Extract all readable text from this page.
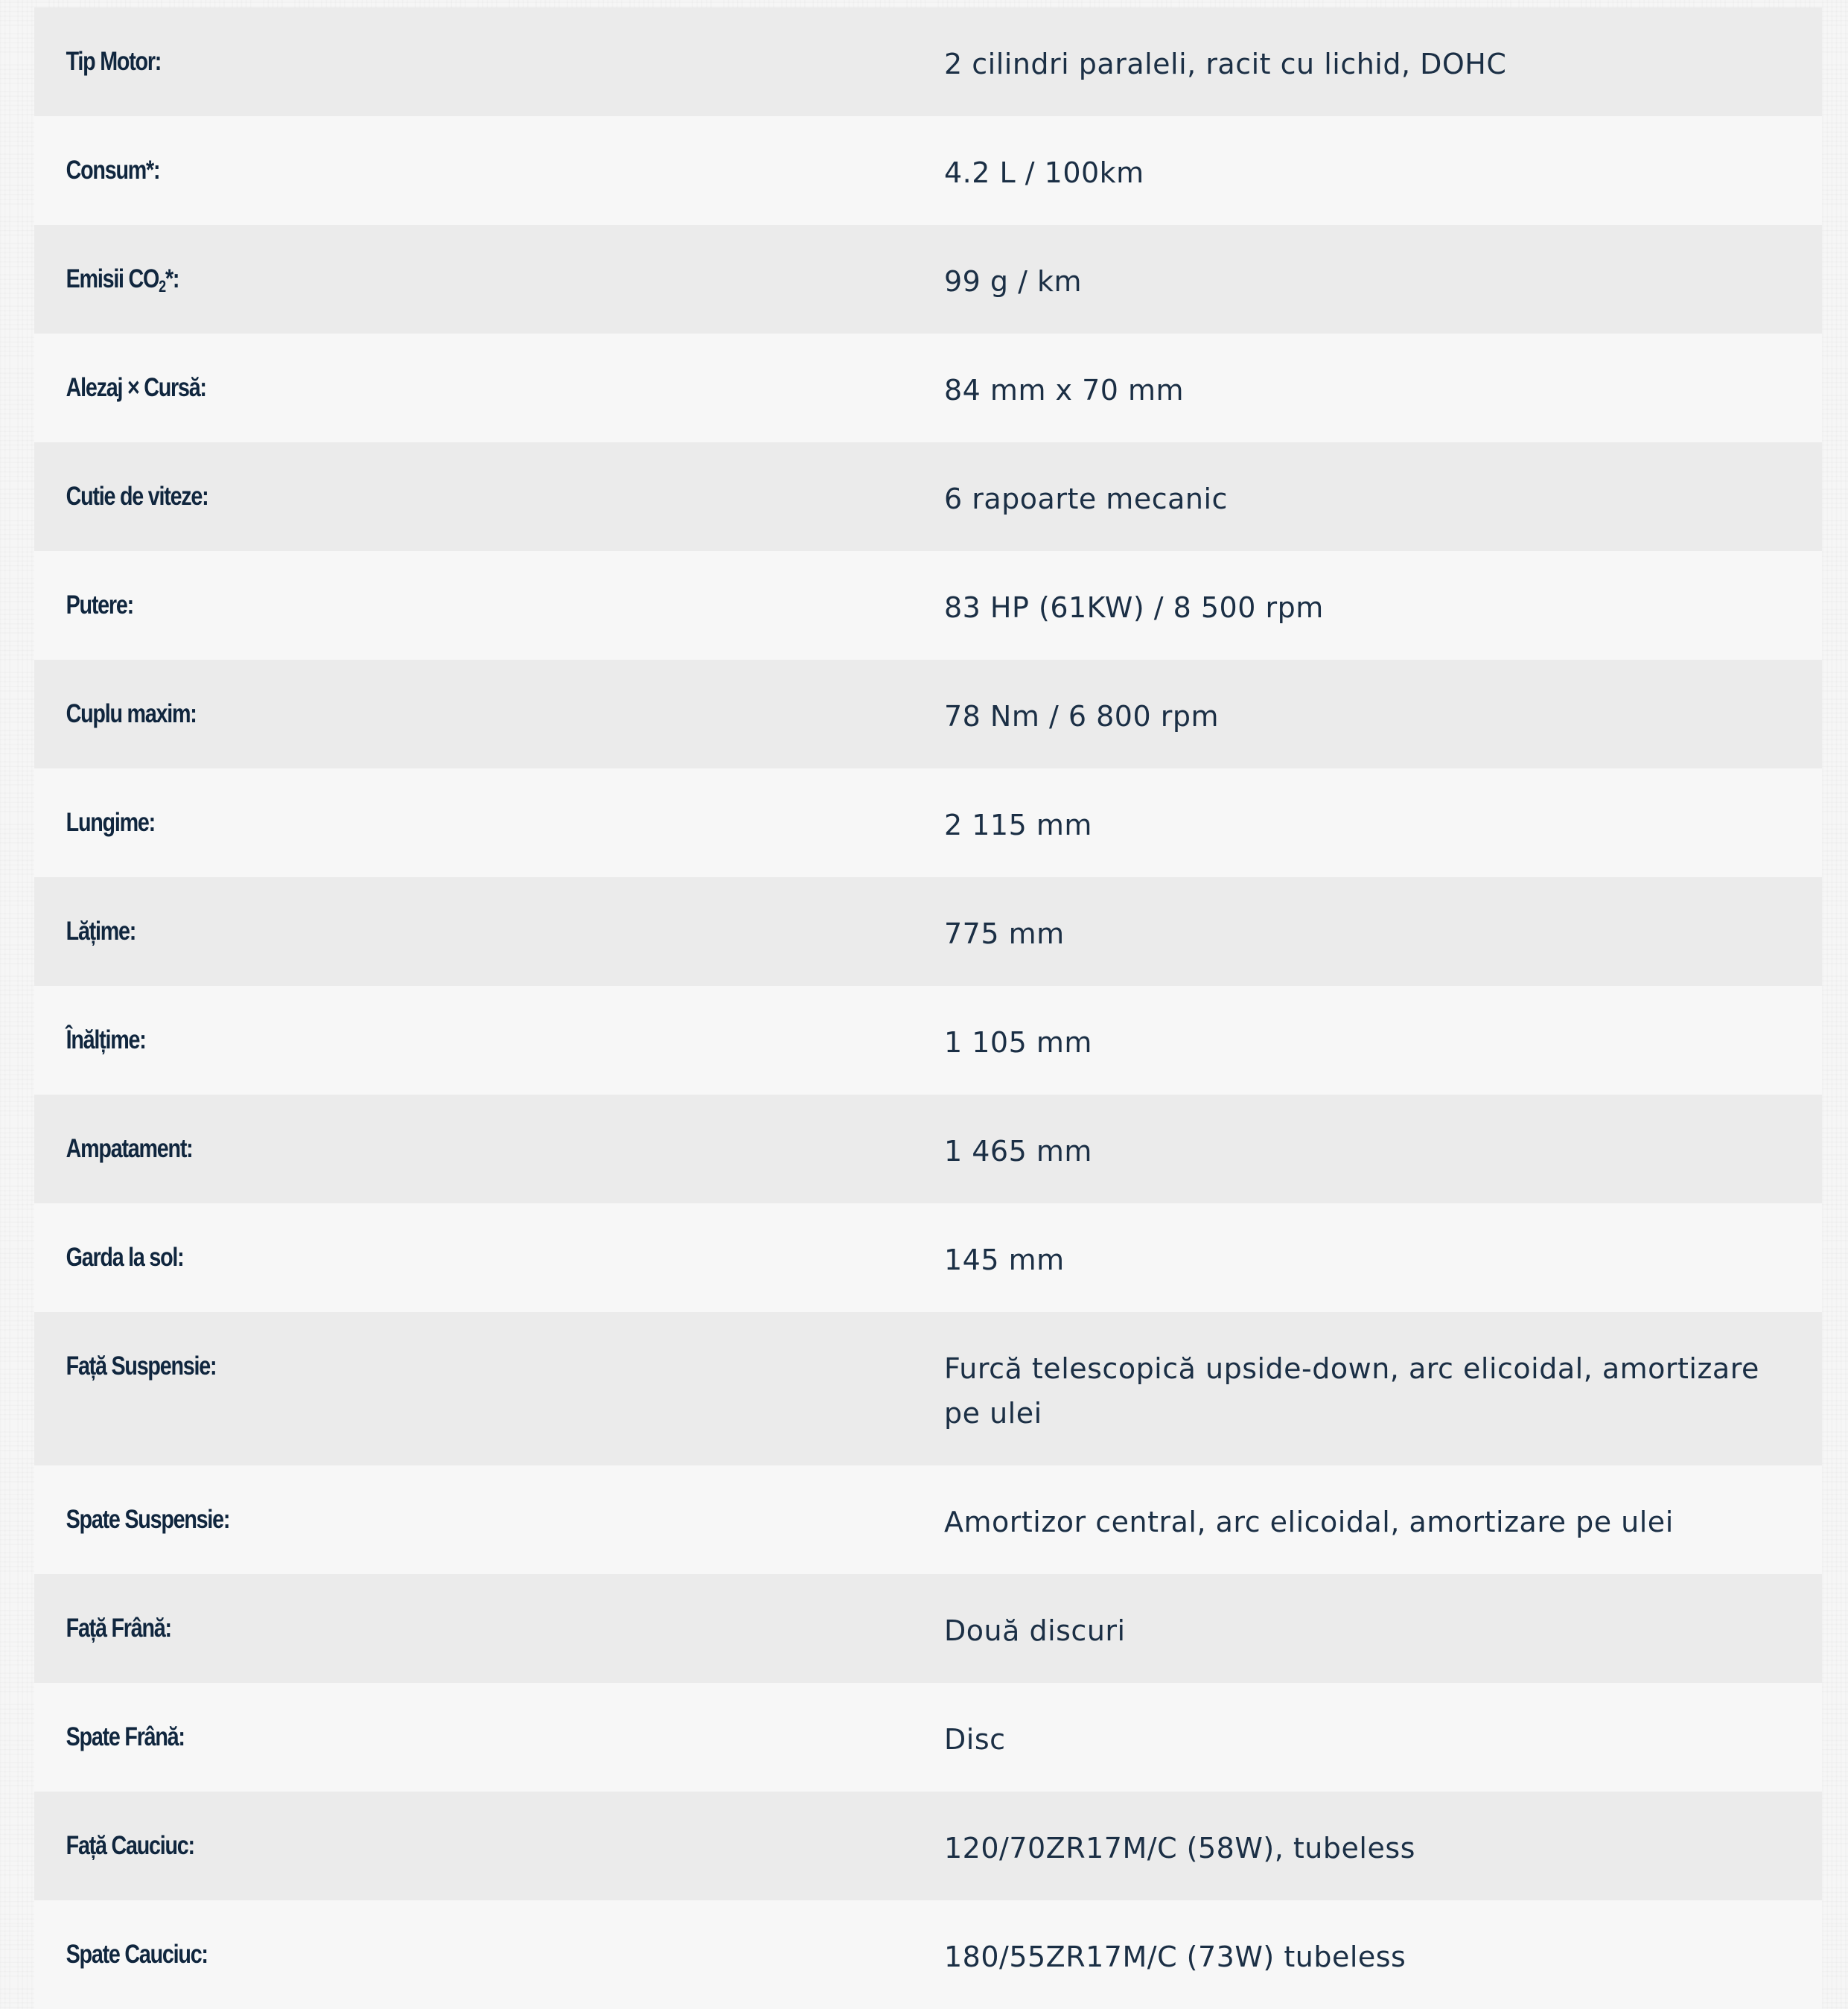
Tip Motor:	2 cilindri paraleli, racit cu lichid, DOHC
Consum*:	4.2 L / 100km
Emisii $CO_2*$:	99 g / km
Alezaj × Cursă:	84 mm x 70 mm
Cutie de viteze:	6 rapoarte mecanic
Putere:	83 HP (61KW) / 8 500 rpm
Cuplu maxim:	78 Nm / 6 800 rpm
Lungime:	2 115 mm
Lățime:	775 mm
Înălțime:	1 105 mm
Ampatament:	1 465 mm
Garda la sol:	145 mm
Față Suspensie:	Furcă telescopică upside-down, arc elicoidal, amortizare pe ulei
Spate Suspensie:	Amortizor central, arc elicoidal, amortizare pe ulei
Față Frână:	Două discuri
Spate Frână:	Disc
Față Cauciuc:	120/70ZR17M/C (58W), tubeless
Spate Cauciuc:	180/55ZR17M/C (73W) tubeless
